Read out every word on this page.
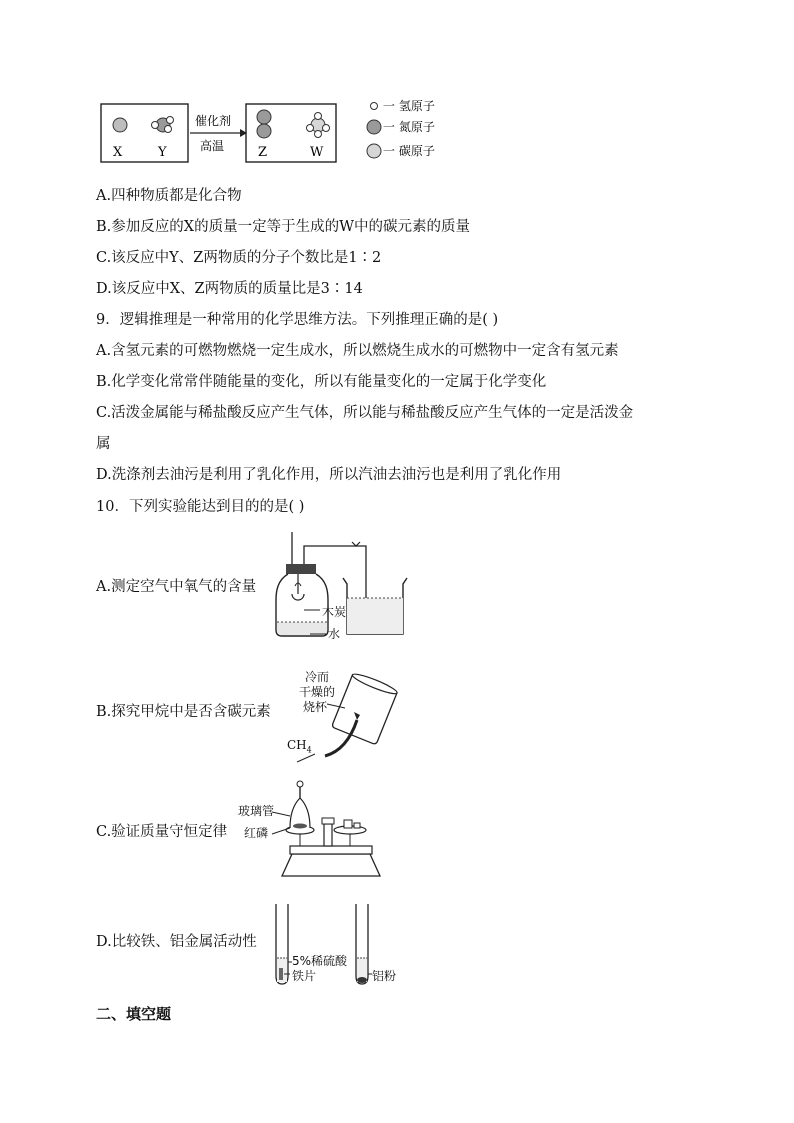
X	Y
催化剂
高温	Z	W
一 氢原子
一 氮原子
一 碳原子
A.四种物质都是化合物
B.参加反应的X的质量一定等于生成的W中的碳元素的质量
C.该反应中Y、Z两物质的分子个数比是1∶2
D.该反应中X、Z两物质的质量比是3∶14
9．逻辑推理是一种常用的化学思维方法。下列推理正确的是( )
A.含氢元素的可燃物燃烧一定生成水，所以燃烧生成水的可燃物中一定含有氢元素
B.化学变化常常伴随能量的变化，所以有能量变化的一定属于化学变化
C.活泼金属能与稀盐酸反应产生气体，所以能与稀盐酸反应产生气体的一定是活泼金
属
D.洗涤剂去油污是利用了乳化作用，所以汽油去油污也是利用了乳化作用
10．下列实验能达到目的的是( )
A.测定空气中氧气的含量
木炭
水
B.探究甲烷中是否含碳元素
冷而
干燥的
烧杯
$CH_4$
C.验证质量守恒定律
玻璃管
红磷
D.比较铁、铝金属活动性
5%稀硫酸
铁片	铝粉
二、填空题
